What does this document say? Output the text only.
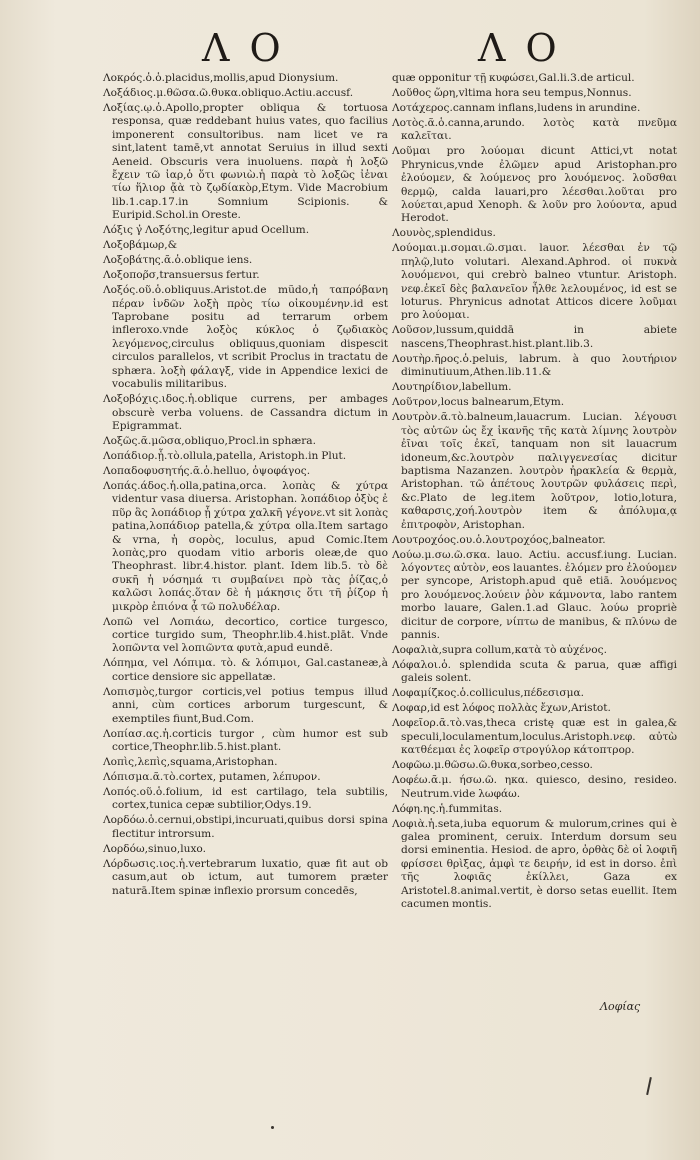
Λ Ο	Λ Ο

Λοκρός.ὁ.ὁ.placidus,mollis,apud Dionysium.

Λοξάδιος.μ.θῶσα.ῶ.θυκα.obliquo.Actiu.accusf.

Λοξίας.ῳ.ὁ.Apollo,propter obliqua & tortuosa responsa, quæ reddebant huius vates, quo facilius imponerent consultoribus. nam licet ve ra sint,latent tamē,vt annotat Seruius in illud sexti Aeneid. Obscuris vera inuoluens. παρὰ ἡ λοξῶ ἔχειν τῶ ἰαρ,ὁ ὅτι φωνιὼ.ἡ παρὰ τὸ λοξῶς ἰἑναι τίω ἥλιορ ᾄὰ τὸ ζῳδίακὸρ,Etym. Vide Macrobium lib.1.cap.17.in Somnium Scipionis. & Euripid.Schol.in Oreste.

Λόξις γ̓ Λοξότης,legitur apud Ocellum.

Λοξοβάμωρ,&

Λοξοβάτης.ᾶ.ὁ.oblique iens.

Λοξοπορ̃σ,transuersus fertur.

Λοξός.οῦ.ὁ.obliquus.Aristot.de mũdo,ἡ ταπρόβανη πέραν ἰνδῶν λοξὴ πρὸς τίω οἰκουμένην.id est Taprobane positu ad terrarum orbem infleroxo.vnde λοξὸς κύκλος ὁ ζῳδιακὸς λεγόμενος,circulus obliquus,quoniam dispescit circulos parallelos, vt scribit Proclus in tractatu de sphæra. λοξὴ φάλαγξ, vide in Appendice lexici de vocabulis militaribus.

Λοξοβόχις.ιδος.ἡ.oblique currens, per ambages obscurè verba voluens. de Cassandra dictum in Epigrammat.

Λοξῶς.ᾶ.μῶσα,obliquo,Procl.in sphæra.

Λοπάδιορ.ᾗ.τὸ.ollula,patella, Aristoph.in Plut.

Λοπαδοφυσητής.ᾶ.ὁ.helluo, ὀψοφάγος.

Λοπάς.άδος.ἡ.olla,patina,orca. λοπὰς & χύτρα videntur vasa diuersa. Aristophan. λοπάδιορ ὀξὺς ἐ πῦρ ἃς λοπάδιορ ᾗ χύτρα χαλκῆ γέγονε.vt sit λοπὰς patina,λοπάδιορ patella,& χύτρα olla.Item sartago & vrna, ἡ σορὸς, loculus, apud Comic.Item λοπὰς,pro quodam vitio arboris oleæ,de quo Theophrast. libr.4.histor. plant. Idem lib.5. τὸ δὲ συκῆ ἡ νόσημά τι συμβαίνει πρὸ τὰς ῥίζας,ὁ καλῶσι λοπάς.ὅταν δὲ ἡ μάκησις ὅτι τῆ ῥίζορ ἡ μικρὸρ ἐπιόνα ᾇ τῶ πολυδέλαρ.

Λοπῶ vel Λοπιάω, decortico, cortice turgesco, cortice turgido sum, Theophr.lib.4.hist.plāt. Vnde λοπῶντα vel λοπιῶντα φυτὰ,apud eundē.

Λόπημα, vel Λόπιμα. τὸ. & λόπιμοι, Gal.castaneæ,à cortice densiore sic appellatæ.

Λοπισμὸς,turgor corticis,vel potius tempus illud anni, cùm cortices arborum turgescunt, & exemptiles fiunt,Bud.Com.

Λοπίασ.ας.ἡ.corticis turgor , cùm humor est sub cortice,Theophr.lib.5.hist.plant.

Λοπὶς,λεπὶς,squama,Aristophan.

Λόπισμα.ᾶ.τὸ.cortex, putamen, λέπυρον.

Λοπός.οῦ.ὁ.folium, id est cartilago, tela subtilis, cortex,tunica cepæ subtilior,Odys.19.

Λορδόω.ὁ.cernui,obstipi,incuruati,quibus dorsi spina flectitur introrsum.

Λορδόω,sinuo,luxo.

Λόρδωσις.ιος.ἡ.vertebrarum luxatio, quæ fit aut ob casum,aut ob ictum, aut tumorem præter naturā.Item spinæ inflexio prorsum concedēs,

quæ opponitur τῇ κυφώσει,Gal.li.3.de articul.

Λοῦθος ὥρη,vltima hora seu tempus,Nonnus.

Λοτάχερος.cannam inflans,ludens in arundine.

Λοτὸς.ᾶ.ὁ.canna,arundo. λοτὸς κατὰ πνεῦμα καλεῖται.

Λοῦμαι pro λούομαι dicunt Attici,vt notat Phrynicus,vnde ἐλῶμεν apud Aristophan.pro ἐλούομεν, & λούμενος pro λουόμενος. λοῦσθαι θερμῷ, calda lauari,pro λέεσθαι.λοῦται pro λούεται,apud Xenoph. & λοῦν pro λούοντα, apud Herodot.

Λουνὸς,splendidus.

Λούομαι.μ.σομαι.ῶ.σμαι. lauor. λέεσθαι ἐν τῷ πηλῷ,luto volutari. Alexand.Aphrod. οἱ πυκνὰ λουόμενοι, qui crebrò balneo vtuntur. Aristoph. νεφ.ἐκεῖ δὲς βαλανεῖον ἦλθε λελουμένος, id est se loturus. Phrynicus adnotat Atticos dicere λοῦμαι pro λούομαι.

Λοῦσον,lussum,quiddā in abiete nascens,Theophrast.hist.plant.lib.3.

Λουτὴρ.ῆρος.ὁ.peluis, labrum. à quo λουτήριον diminutiuum,Athen.lib.11.&

Λουτηρίδιον,labellum.

Λοῦτρον,locus balnearum,Etym.

Λουτρὸν.ᾶ.τὸ.balneum,lauacrum. Lucian. λέγουσι τὸς αὐτῶν ὡς ἔχ ἱκανῆς τῆς κατὰ λίμνης λουτρὸν ἐῖναι τοῖς ἐκεῖ, tanquam non sit lauacrum idoneum,&c.λουτρὸν παλιγγενεσίας dicitur baptisma Nazanzen. λουτρὸν ἠρακλεία & θερμὰ, Aristophan. τῶ ἀπέτους λουτρῶν φυλάσεις περὶ, &c.Plato de leg.item λοῦτρον, lotio,lotura, καθαρσις,χοή.λουτρὸν item & ἀπόλυμα,ᾳ ἐπιτροφὸν, Aristophan.

Λουτροχόος.ου.ὁ.λουτροχόος,balneator.

Λούω.μ.σω.ῶ.σκα. lauo. Actiu. accusf.iung. Lucian. λόγοντες αὐτὸν, eos lauantes. ἐλόμεν pro ἐλούομεν per syncope, Aristoph.apud quē etiā. λουόμενος pro λουόμενος.λούειν ῥὸν κάμνοντα, labo rantem morbo lauare, Galen.1.ad Glauc. λούω propriè dicitur de corpore, νίπτω de manibus, & πλύνω de pannis.

Λοφαλιὰ,supra collum,κατὰ τὸ αὐχένος.

Λόφαλοι.ὁ. splendida scuta & parua, quæ affigi galeis solent.

Λοφαμίζκος.ὁ.colliculus,πέδεσισμα.

Λοφαρ,id est λόφος πολλὰς ἔχων,Aristot.

Λοφεῖορ.ᾶ.τὸ.vas,theca cristę quæ est in galea,& speculi,loculamentum,loculus.Aristoph.νεφ. αὐτὼ κατθέεμαι ἐς λοφεῖρ στρογύλορ κάτοπτρορ.

Λοφῶω.μ.θῶσω.ῶ.θυκα,sorbeo,cesso.

Λοφέω.ᾶ.μ. ήσω.ῶ. ηκα. quiesco, desino, resideo. Neutrum.vide λωφάω.

Λόφη.ης.ἡ.fummitas.

Λοφιὰ.ἡ.seta,iuba equorum & mulorum,crines qui è galea prominent, ceruix. Interdum dorsum seu dorsi eminentia. Hesiod. de apro, ὀρθὰς δὲ οἱ λοφιῆ φρίσσει θρὶξας, ἀμφὶ τε δειρήν, id est in dorso. ἐπὶ τῆς λοφιᾶς ἐκίλλει, Gaza ex Aristotel.8.animal.vertit, è dorso setas euellit. Item cacumen montis.

Λοφίας
